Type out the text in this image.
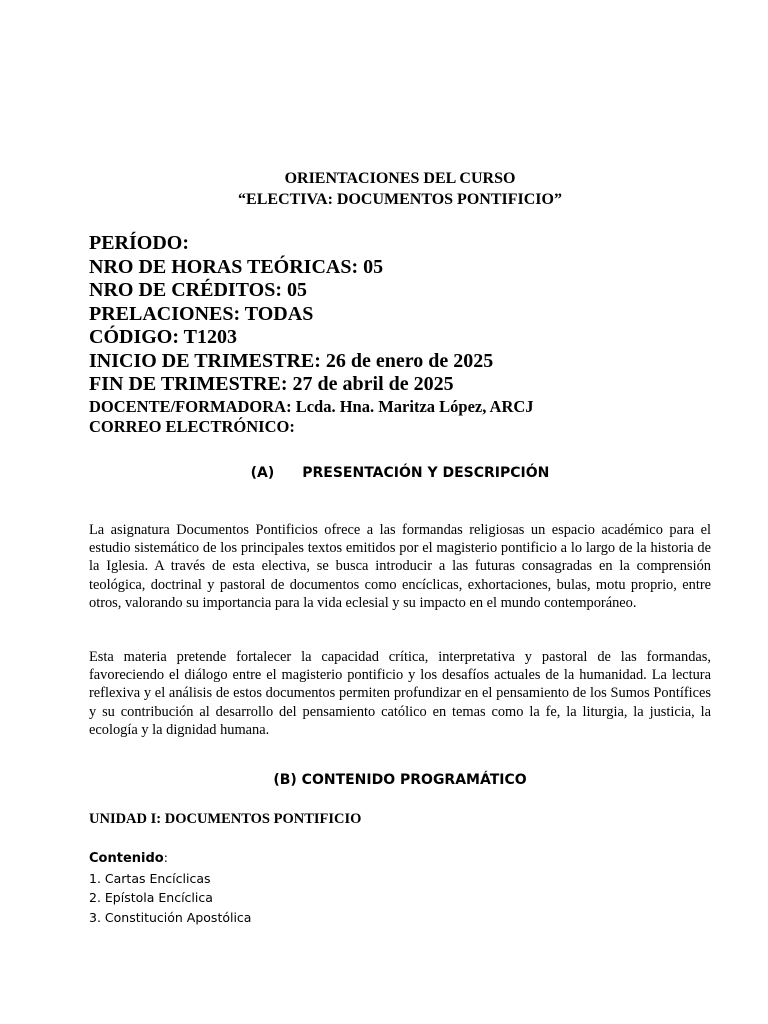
ORIENTACIONES DEL CURSO
“ELECTIVA: DOCUMENTOS PONTIFICIO”
PERÍODO:
NRO DE HORAS TEÓRICAS: 05
NRO DE CRÉDITOS: 05
PRELACIONES: TODAS
CÓDIGO: T1203
INICIO DE TRIMESTRE: 26 de enero de 2025
FIN DE TRIMESTRE: 27 de abril de 2025
DOCENTE/FORMADORA: Lcda. Hna. Maritza López, ARCJ
CORREO ELECTRÓNICO:
(A) PRESENTACIÓN Y DESCRIPCIÓN
La asignatura Documentos Pontificios ofrece a las formandas religiosas un espacio académico para el estudio sistemático de los principales textos emitidos por el magisterio pontificio a lo largo de la historia de la Iglesia. A través de esta electiva, se busca introducir a las futuras consagradas en la comprensión teológica, doctrinal y pastoral de documentos como encíclicas, exhortaciones, bulas, motu proprio, entre otros, valorando su importancia para la vida eclesial y su impacto en el mundo contemporáneo.
Esta materia pretende fortalecer la capacidad crítica, interpretativa y pastoral de las formandas, favoreciendo el diálogo entre el magisterio pontificio y los desafíos actuales de la humanidad. La lectura reflexiva y el análisis de estos documentos permiten profundizar en el pensamiento de los Sumos Pontífices y su contribución al desarrollo del pensamiento católico en temas como la fe, la liturgia, la justicia, la ecología y la dignidad humana.
(B) CONTENIDO PROGRAMÁTICO
UNIDAD I: DOCUMENTOS PONTIFICIO
Contenido:
1. Cartas Encíclicas
2. Epístola Encíclica
3. Constitución Apostólica
